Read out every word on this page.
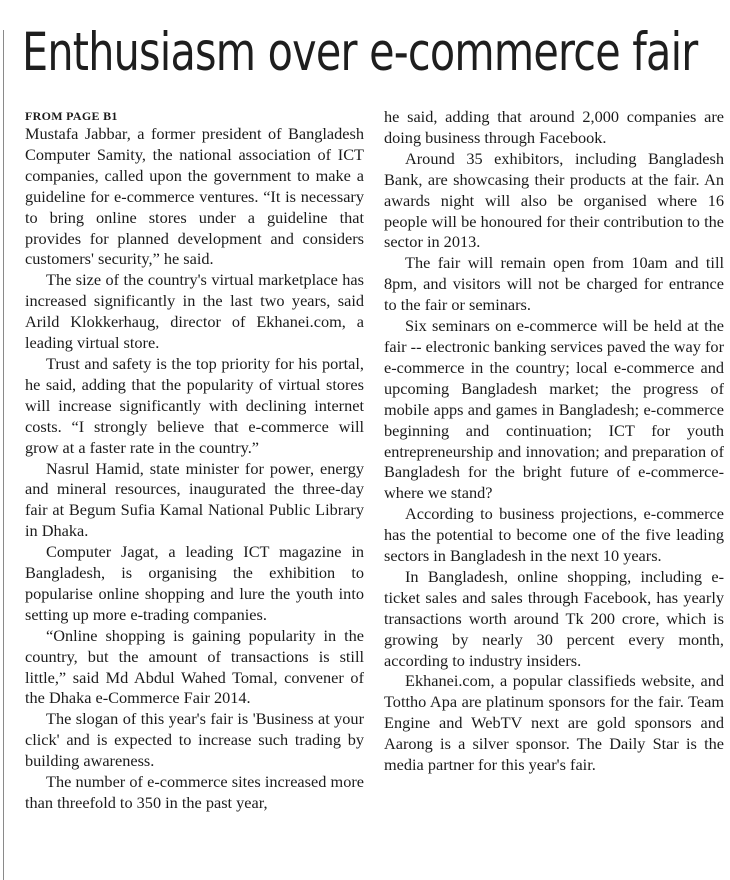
Enthusiasm over e-commerce fair

FROM PAGE B1

Mustafa Jabbar, a former president of Bangladesh Computer Samity, the national association of ICT companies, called upon the government to make a guideline for e-commerce ventures. “It is necessary to bring online stores under a guideline that provides for planned development and considers customers' security,” he said.

The size of the country's virtual marketplace has increased significantly in the last two years, said Arild Klokkerhaug, director of Ekhanei.com, a leading virtual store.

Trust and safety is the top priority for his portal, he said, adding that the popularity of virtual stores will increase significantly with declining internet costs. “I strongly believe that e-commerce will grow at a faster rate in the country.”

Nasrul Hamid, state minister for power, energy and mineral resources, inaugurated the three-day fair at Begum Sufia Kamal National Public Library in Dhaka.

Computer Jagat, a leading ICT magazine in Bangladesh, is organising the exhibition to popularise online shopping and lure the youth into setting up more e-trading companies.

“Online shopping is gaining popularity in the country, but the amount of transactions is still little,” said Md Abdul Wahed Tomal, convener of the Dhaka e-Commerce Fair 2014.

The slogan of this year's fair is 'Business at your click' and is expected to increase such trading by building awareness.

The number of e-commerce sites increased more than threefold to 350 in the past year,

he said, adding that around 2,000 companies are doing business through Facebook.

Around 35 exhibitors, including Bangladesh Bank, are showcasing their products at the fair. An awards night will also be organised where 16 people will be honoured for their contribution to the sector in 2013.

The fair will remain open from 10am and till 8pm, and visitors will not be charged for entrance to the fair or seminars.

Six seminars on e-commerce will be held at the fair -- electronic banking services paved the way for e-commerce in the country; local e-commerce and upcoming Bangladesh market; the progress of mobile apps and games in Bangladesh; e-commerce beginning and continuation; ICT for youth entrepreneurship and innovation; and preparation of Bangladesh for the bright future of e-commerce-where we stand?

According to business projections, e-commerce has the potential to become one of the five leading sectors in Bangladesh in the next 10 years.

In Bangladesh, online shopping, including e-ticket sales and sales through Facebook, has yearly transactions worth around Tk 200 crore, which is growing by nearly 30 percent every month, according to industry insiders.

Ekhanei.com, a popular classifieds website, and Tottho Apa are platinum sponsors for the fair. Team Engine and WebTV next are gold sponsors and Aarong is a silver sponsor. The Daily Star is the media partner for this year's fair.
